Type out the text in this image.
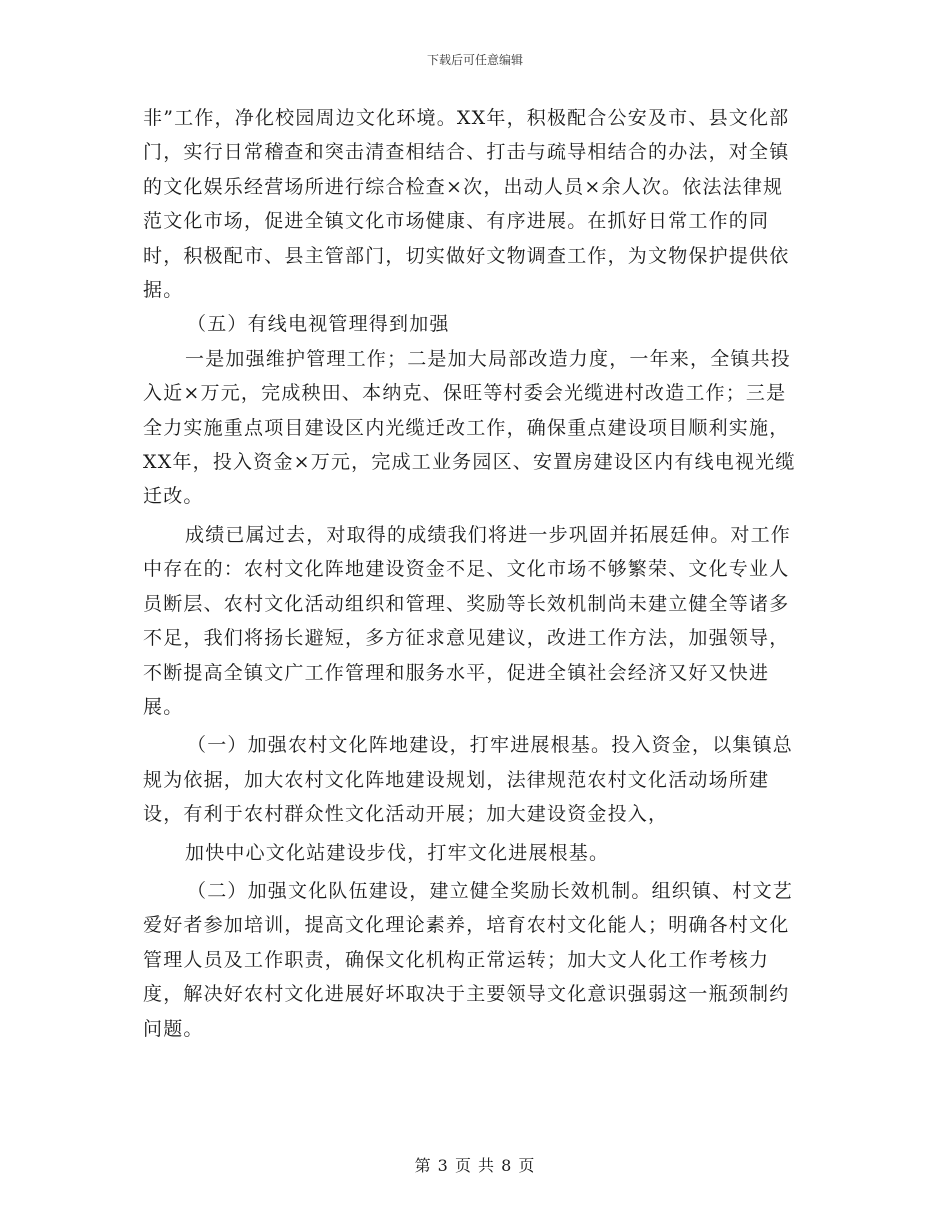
下载后可任意编辑

非”工作，净化校园周边文化环境。XX年，积极配合公安及市、县文化部门，实行日常稽查和突击清查相结合、打击与疏导相结合的办法，对全镇的文化娱乐经营场所进行综合检查×次，出动人员×余人次。依法法律规范文化市场，促进全镇文化市场健康、有序进展。在抓好日常工作的同时，积极配市、县主管部门，切实做好文物调查工作，为文物保护提供依据。

（五）有线电视管理得到加强

一是加强维护管理工作；二是加大局部改造力度，一年来，全镇共投入近×万元，完成秧田、本纳克、保旺等村委会光缆进村改造工作；三是全力实施重点项目建设区内光缆迁改工作，确保重点建设项目顺利实施，XX年，投入资金×万元，完成工业务园区、安置房建设区内有线电视光缆迁改。

成绩已属过去，对取得的成绩我们将进一步巩固并拓展廷伸。对工作中存在的：农村文化阵地建设资金不足、文化市场不够繁荣、文化专业人员断层、农村文化活动组织和管理、奖励等长效机制尚未建立健全等诸多不足，我们将扬长避短，多方征求意见建议，改进工作方法，加强领导，不断提高全镇文广工作管理和服务水平，促进全镇社会经济又好又快进展。

（一）加强农村文化阵地建设，打牢进展根基。投入资金，以集镇总规为依据，加大农村文化阵地建设规划，法律规范农村文化活动场所建设，有利于农村群众性文化活动开展；加大建设资金投入，

加快中心文化站建设步伐，打牢文化进展根基。

（二）加强文化队伍建设，建立健全奖励长效机制。组织镇、村文艺爱好者参加培训，提高文化理论素养，培育农村文化能人；明确各村文化管理人员及工作职责，确保文化机构正常运转；加大文人化工作考核力度，解决好农村文化进展好坏取决于主要领导文化意识强弱这一瓶颈制约问题。

第 3 页 共 8 页
